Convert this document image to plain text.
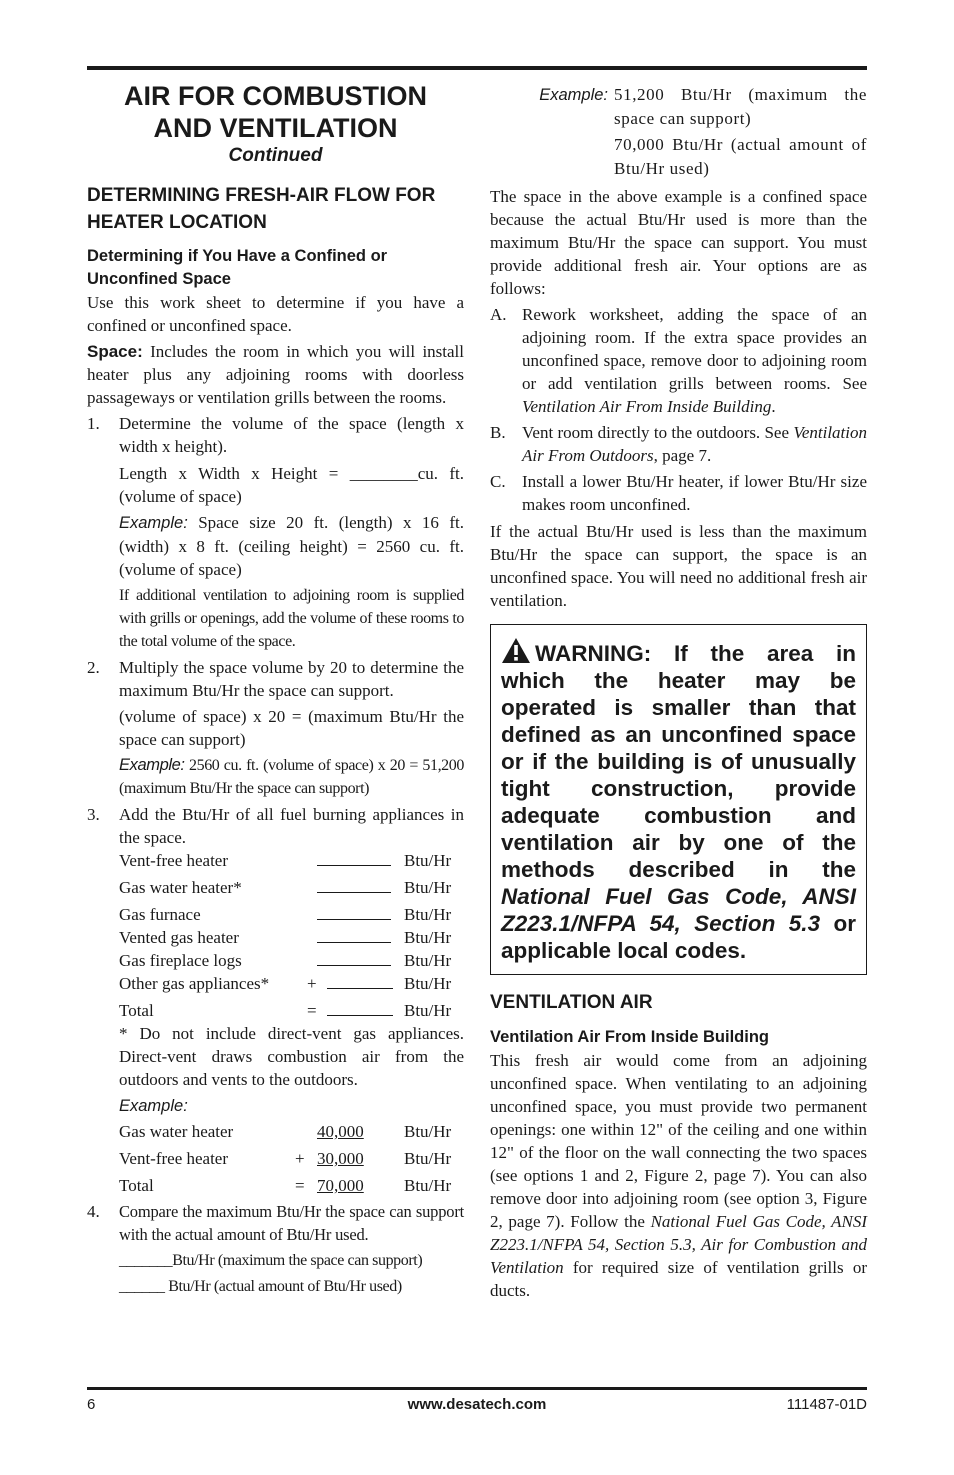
AIR FOR COMBUSTION
AND VENTILATION
Continued
DETERMINING FRESH-AIR FLOW FOR HEATER LOCATION
Determining if You Have a Confined or Unconfined Space

Use this work sheet to determine if you have a confined or unconfined space.

Space: Includes the room in which you will install heater plus any adjoining rooms with doorless passageways or ventilation grills between the rooms.

1.	Determine the volume of the space (length x width x height).

Length x Width x Height = ________cu. ft. (volume of space)

Example: Space size 20 ft. (length) x 16 ft. (width) x 8 ft. (ceiling height) = 2560 cu. ft. (volume of space)

If additional ventilation to adjoining room is supplied with grills or openings, add the volume of these rooms to the total volume of the space.

2.	Multiply the space volume by 20 to determine the maximum Btu/Hr the space can support.

(volume of space) x 20 = (maximum Btu/Hr the space can support)

Example: 2560 cu. ft. (volume of space) x 20 = 51,200 (maximum Btu/Hr the space can support)

3.	Add the Btu/Hr of all fuel burning appliances in the space.
Vent-free heater	Btu/Hr
Gas water heater*	Btu/Hr
Gas furnace	Btu/Hr
Vented gas heater	Btu/Hr
Gas fireplace logs	Btu/Hr
Other gas appliances*	+	Btu/Hr
Total	=	Btu/Hr

* Do not include direct-vent gas appliances. Direct-vent draws combustion air from the outdoors and vents to the outdoors.

Example:

Gas water heater	40,000	Btu/Hr
Vent-free heater	+ 30,000	Btu/Hr
Total	= 70,000	Btu/Hr
4.	Compare the maximum Btu/Hr the space can support with the actual amount of Btu/Hr used.

_______Btu/Hr (maximum the space can support)

______ Btu/Hr (actual amount of Btu/Hr used)

Example: 51,200 Btu/Hr (maximum the space can support)
70,000 Btu/Hr (actual amount of Btu/Hr used)

The space in the above example is a confined space because the actual Btu/Hr used is more than the maximum Btu/Hr the space can support. You must provide additional fresh air. Your options are as follows:

A. Rework worksheet, adding the space of an adjoining room. If the extra space provides an unconfined space, remove door to adjoining room or add ventilation grills between rooms. See Ventilation Air From Inside Building.
B. Vent room directly to the outdoors. See Ventilation Air From Outdoors, page 7.
C. Install a lower Btu/Hr heater, if lower Btu/Hr size makes room unconfined.

If the actual Btu/Hr used is less than the maximum Btu/Hr the space can support, the space is an unconfined space. You will need no additional fresh air ventilation.

WARNING: If the area in which the heater may be operated is smaller than that defined as an unconfined space or if the building is of unusually tight construction, provide adequate combustion and ventilation air by one of the methods described in the National Fuel Gas Code, ANSI Z223.1/NFPA 54, Section 5.3 or applicable local codes.
VENTILATION AIR
Ventilation Air From Inside Building

This fresh air would come from an adjoining unconfined space. When ventilating to an adjoining unconfined space, you must provide two permanent openings: one within 12" of the ceiling and one within 12" of the floor on the wall connecting the two spaces (see options 1 and 2, Figure 2, page 7). You can also remove door into adjoining room (see option 3, Figure 2, page 7). Follow the National Fuel Gas Code, ANSI Z223.1/NFPA 54, Section 5.3, Air for Combustion and Ventilation for required size of ventilation grills or ducts.

6	www.desatech.com	111487-01D
